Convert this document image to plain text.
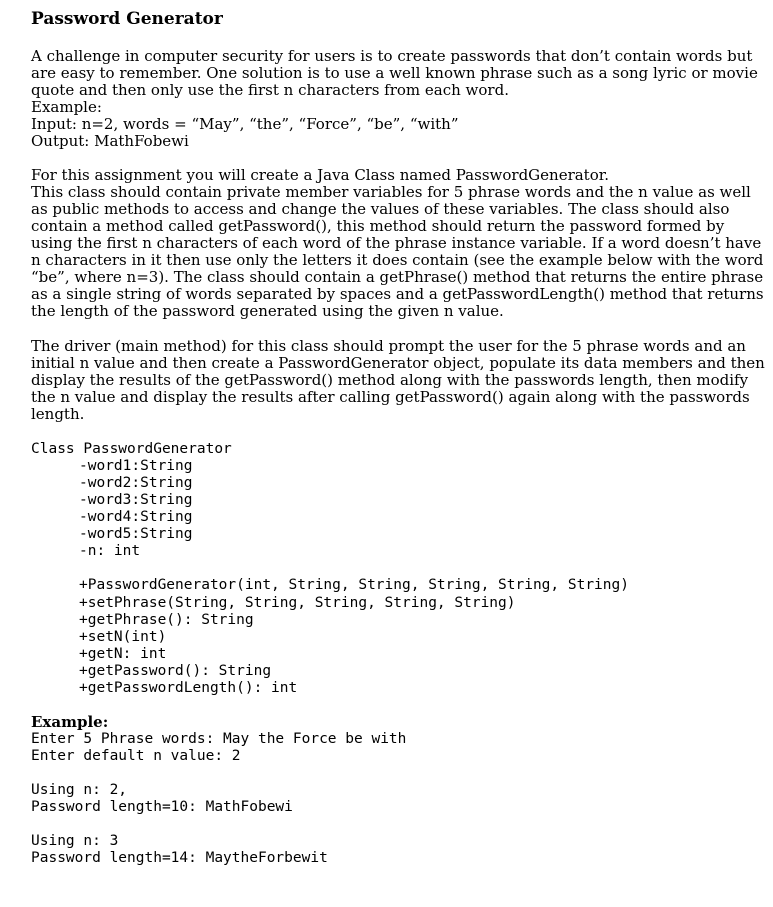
Password Generator
A challenge in computer security for users is to create passwords that don’t contain words but
are easy to remember. One solution is to use a well known phrase such as a song lyric or movie
quote and then only use the first n characters from each word.
Example:
Input: n=2, words = “May”, “the”, “Force”, “be”, “with”
Output: MathFobewi
For this assignment you will create a Java Class named PasswordGenerator.
This class should contain private member variables for 5 phrase words and the n value as well
as public methods to access and change the values of these variables. The class should also
contain a method called getPassword(), this method should return the password formed by
using the first n characters of each word of the phrase instance variable. If a word doesn’t have
n characters in it then use only the letters it does contain (see the example below with the word
“be”, where n=3). The class should contain a getPhrase() method that returns the entire phrase
as a single string of words separated by spaces and a getPasswordLength() method that returns
the length of the password generated using the given n value.
The driver (main method) for this class should prompt the user for the 5 phrase words and an
initial n value and then create a PasswordGenerator object, populate its data members and then
display the results of the getPassword() method along with the passwords length, then modify
the n value and display the results after calling getPassword() again along with the passwords
length.
Class PasswordGenerator
-word1:String
-word2:String
-word3:String
-word4:String
-word5:String
-n: int
+PasswordGenerator(int, String, String, String, String, String)
+setPhrase(String, String, String, String, String)
+getPhrase(): String
+setN(int)
+getN: int
+getPassword(): String
+getPasswordLength(): int
Example:
Enter 5 Phrase words: May the Force be with
Enter default n value: 2
Using n: 2,
Password length=10: MathFobewi
Using n: 3
Password length=14: MaytheForbewit
